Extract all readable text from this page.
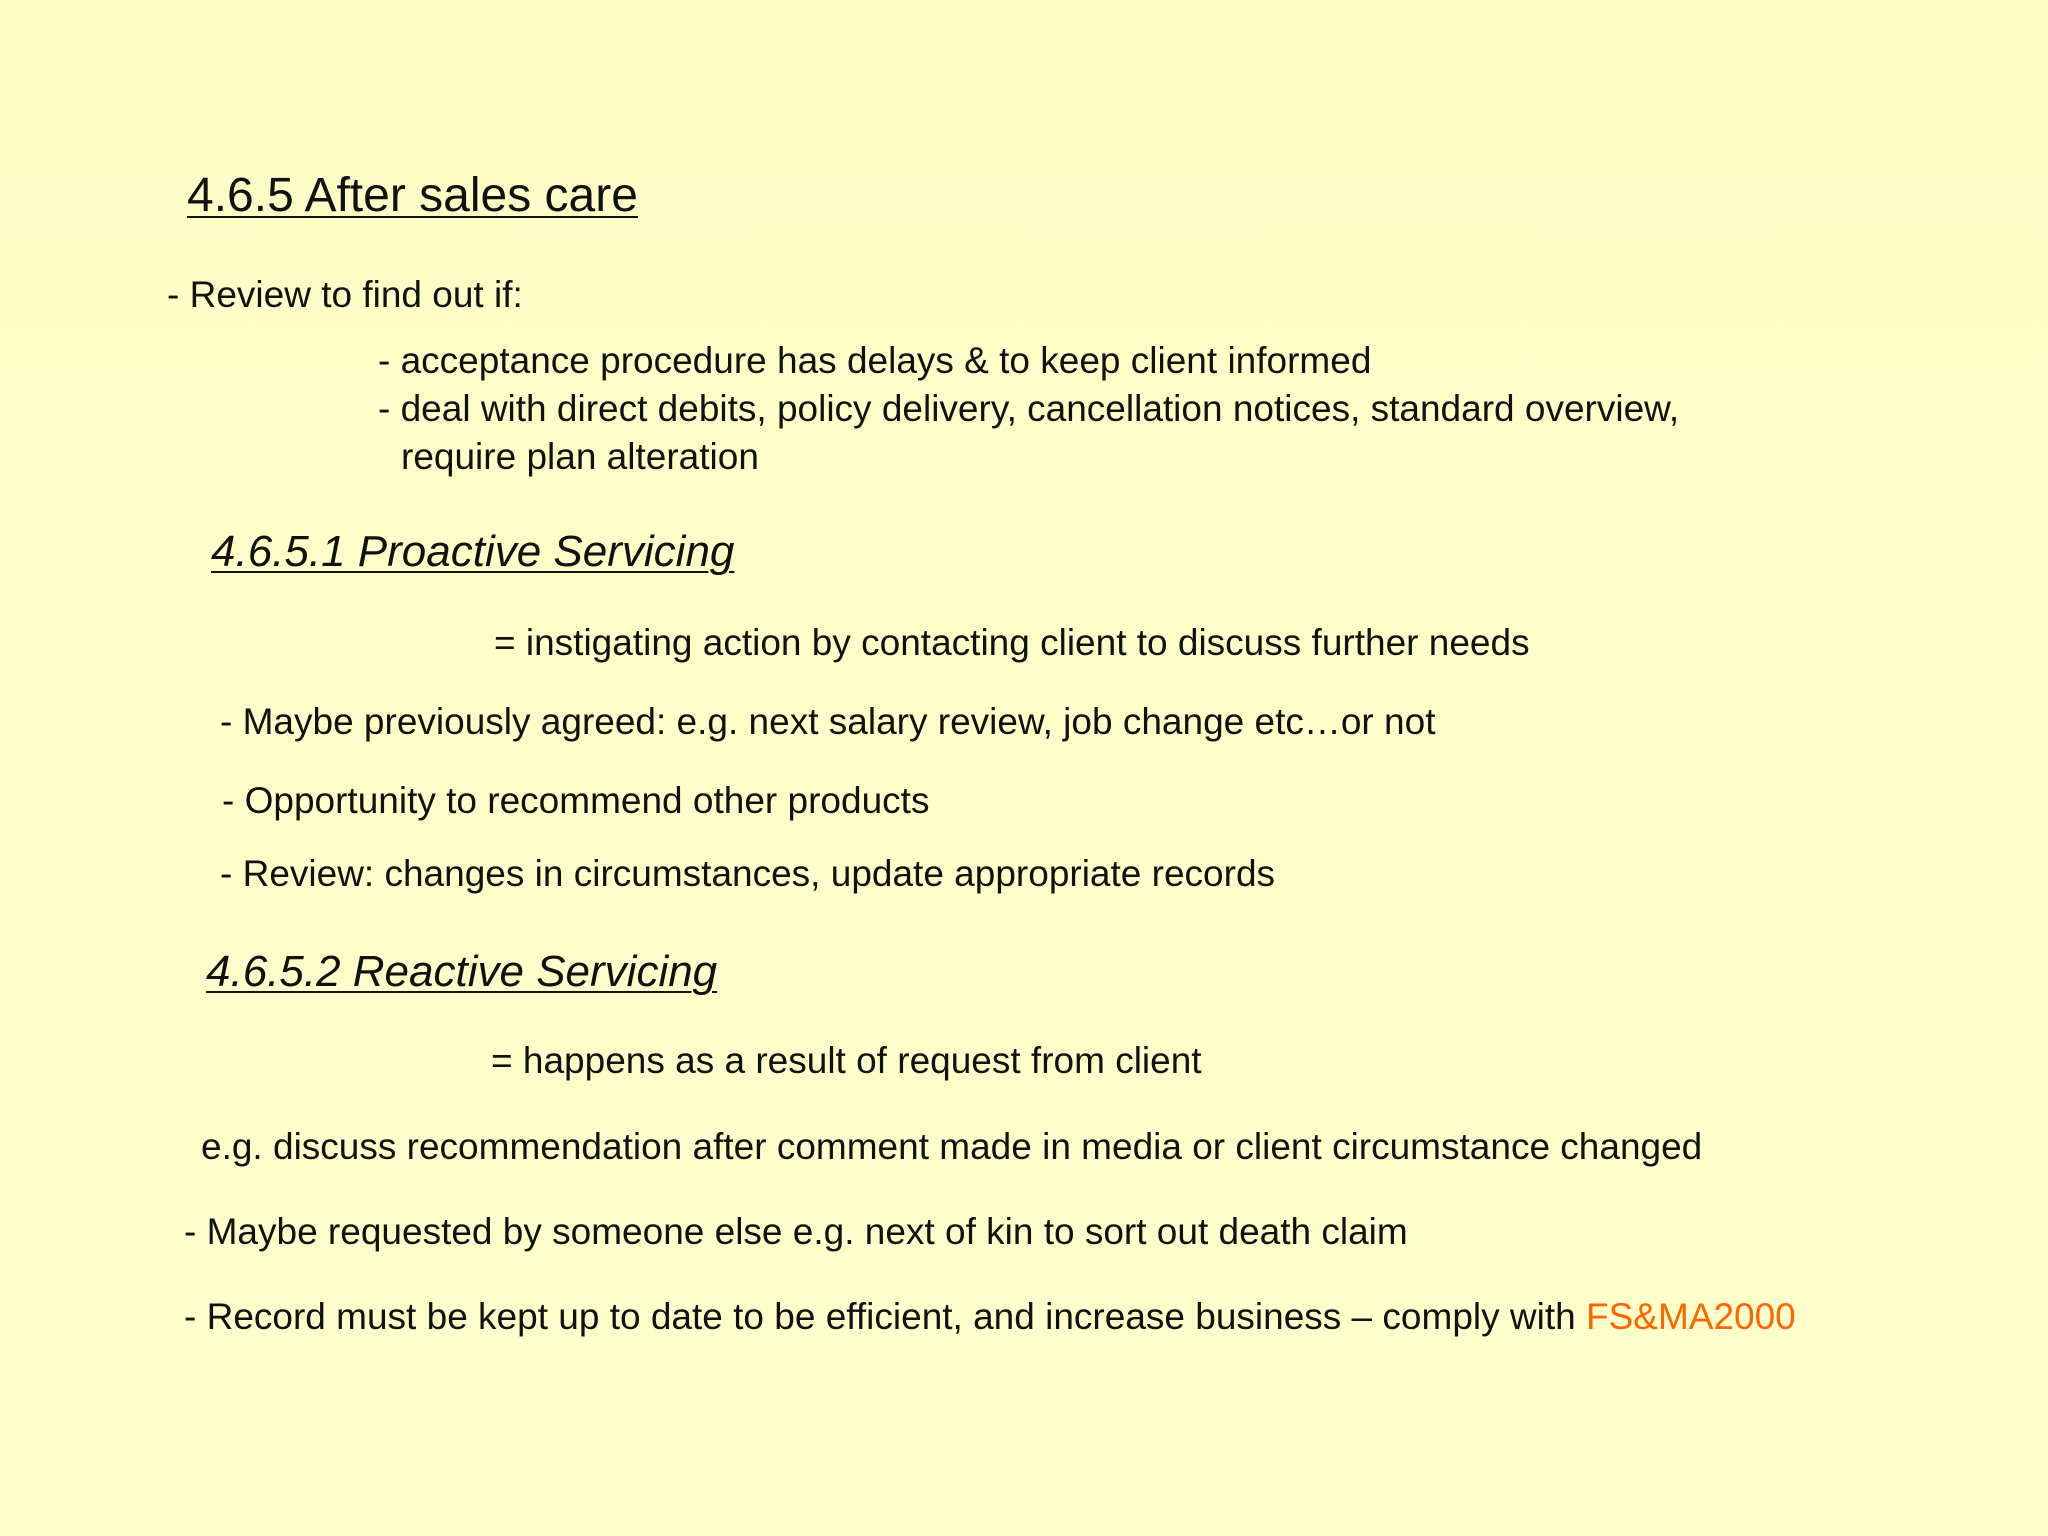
4.6.5 After sales care
- Review to find out if:
- acceptance procedure has delays & to keep client informed
- deal with direct debits, policy delivery, cancellation notices, standard overview,
require plan alteration
4.6.5.1 Proactive Servicing
= instigating action by contacting client to discuss further needs
- Maybe previously agreed: e.g. next salary review, job change etc…or not
- Opportunity to recommend other products
- Review: changes in circumstances, update appropriate records
4.6.5.2 Reactive Servicing
= happens as a result of request from client
e.g. discuss recommendation after comment made in media or client circumstance changed
- Maybe requested by someone else e.g. next of kin to sort out death claim
- Record must be kept up to date to be efficient, and increase business – comply with FS&MA2000
